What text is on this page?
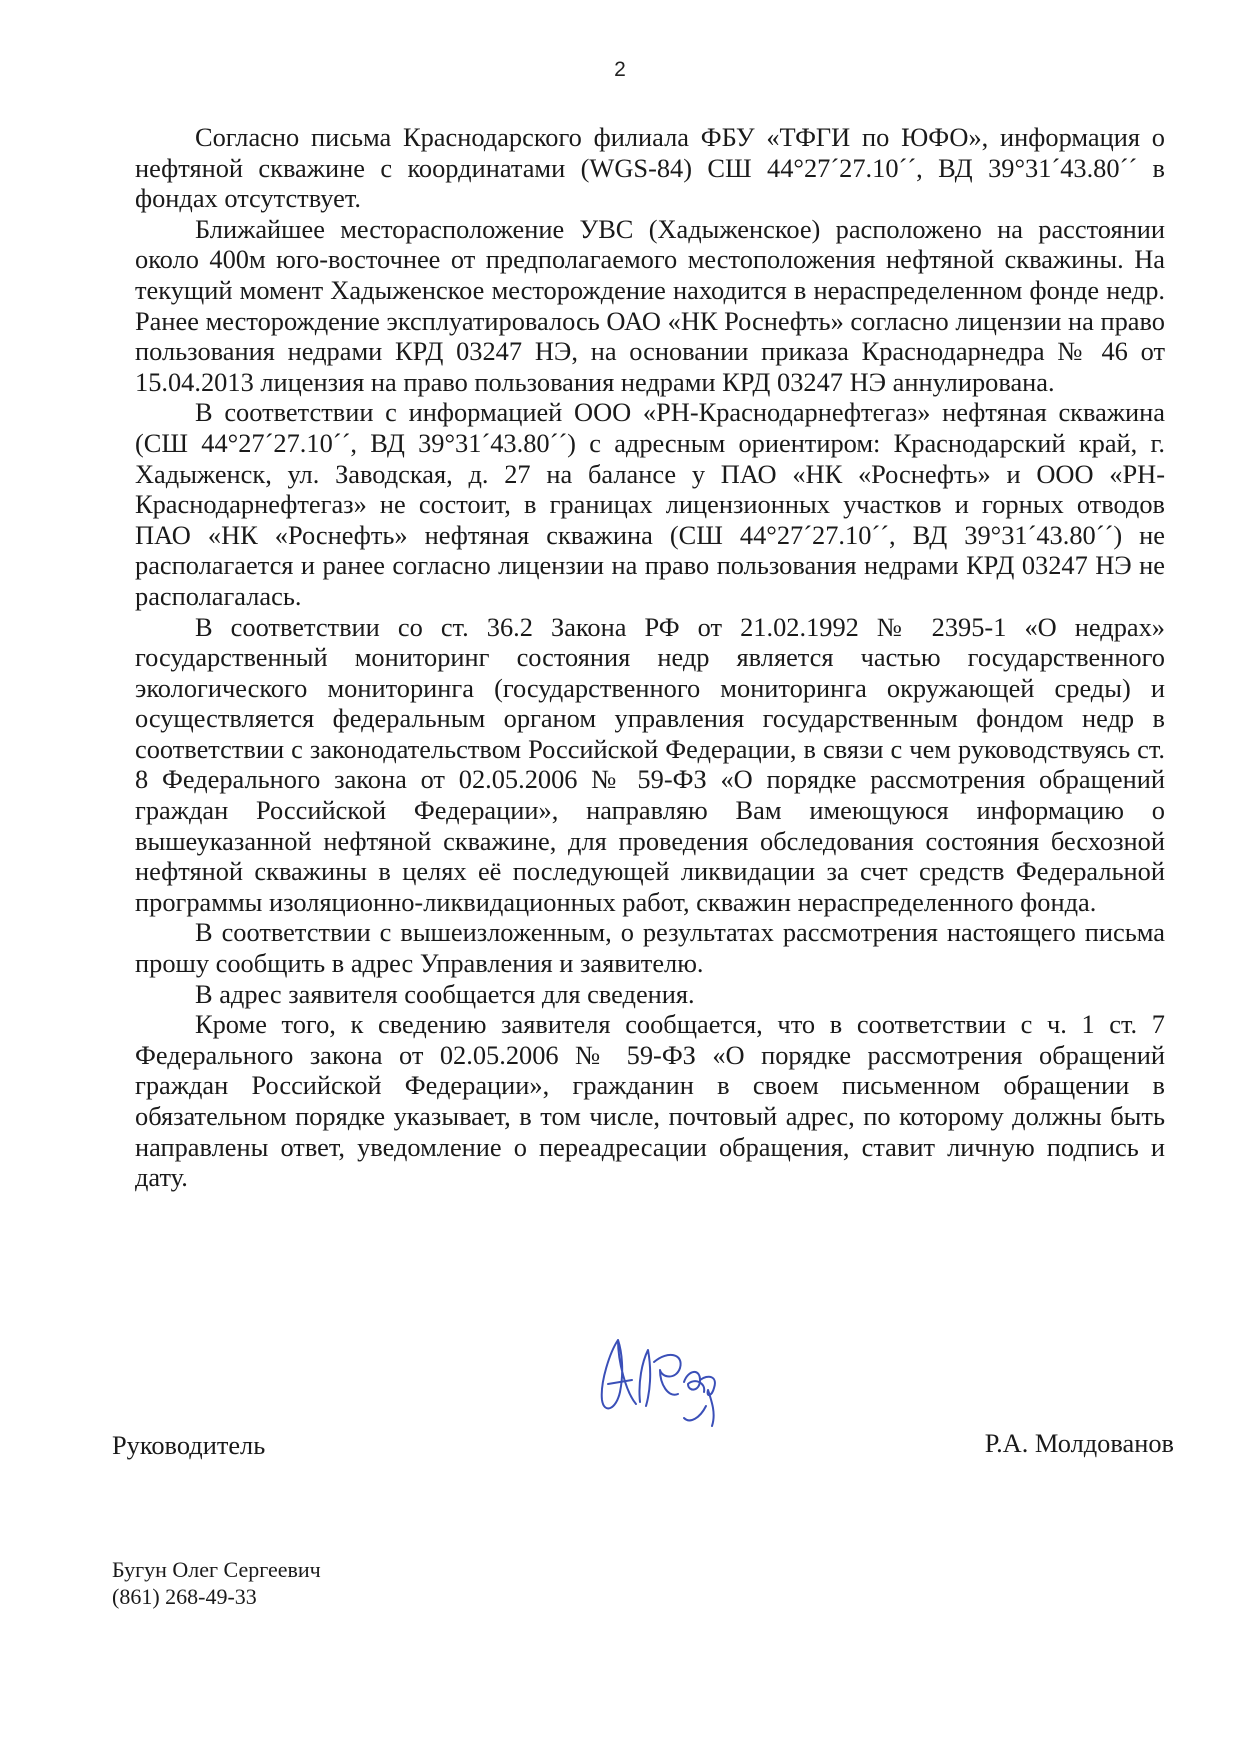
2

Согласно письма Краснодарского филиала ФБУ «ТФГИ по ЮФО», информация о нефтяной скважине с координатами (WGS-84) СШ 44°27´27.10´´, ВД 39°31´43.80´´ в фондах отсутствует.

Ближайшее месторасположение УВС (Хадыженское) расположено на расстоянии около 400м юго-восточнее от предполагаемого местоположения нефтяной скважины. На текущий момент Хадыженское месторождение находится в нераспределенном фонде недр. Ранее месторождение эксплуатировалось ОАО «НК Роснефть» согласно лицензии на право пользования недрами КРД 03247 НЭ, на основании приказа Краснодарнедра № 46 от 15.04.2013 лицензия на право пользования недрами КРД 03247 НЭ аннулирована.

В соответствии с информацией ООО «РН-Краснодарнефтегаз» нефтяная скважина (СШ 44°27´27.10´´, ВД 39°31´43.80´´) с адресным ориентиром: Краснодарский край, г. Хадыженск, ул. Заводская, д. 27 на балансе у ПАО «НК «Роснефть» и ООО «РН-Краснодарнефтегаз» не состоит, в границах лицензионных участков и горных отводов ПАО «НК «Роснефть» нефтяная скважина (СШ 44°27´27.10´´, ВД 39°31´43.80´´) не располагается и ранее согласно лицензии на право пользования недрами КРД 03247 НЭ не располагалась.

В соответствии со ст. 36.2 Закона РФ от 21.02.1992 № 2395-1 «О недрах» государственный мониторинг состояния недр является частью государственного экологического мониторинга (государственного мониторинга окружающей среды) и осуществляется федеральным органом управления государственным фондом недр в соответствии с законодательством Российской Федерации, в связи с чем руководствуясь ст. 8 Федерального закона от 02.05.2006 № 59-ФЗ «О порядке рассмотрения обращений граждан Российской Федерации», направляю Вам имеющуюся информацию о вышеуказанной нефтяной скважине, для проведения обследования состояния бесхозной нефтяной скважины в целях её последующей ликвидации за счет средств Федеральной программы изоляционно-ликвидационных работ, скважин нераспределенного фонда.

В соответствии с вышеизложенным, о результатах рассмотрения настоящего письма прошу сообщить в адрес Управления и заявителю.

В адрес заявителя сообщается для сведения.

Кроме того, к сведению заявителя сообщается, что в соответствии с ч. 1 ст. 7 Федерального закона от 02.05.2006 № 59-ФЗ «О порядке рассмотрения обращений граждан Российской Федерации», гражданин в своем письменном обращении в обязательном порядке указывает, в том числе, почтовый адрес, по которому должны быть направлены ответ, уведомление о переадресации обращения, ставит личную подпись и дату.

Руководитель	Р.А. Молдованов
Бугун Олег Сергеевич
(861) 268-49-33
